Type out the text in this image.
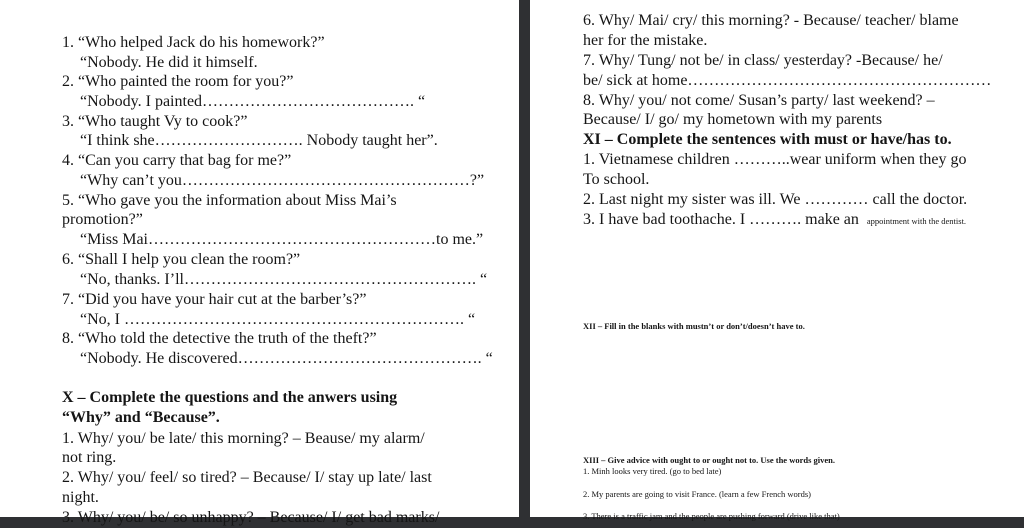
1. “Who helped Jack do his homework?”
“Nobody. He did it himself.
2. “Who painted the room for you?”
“Nobody. I painted…………………………………. “
3. “Who taught Vy to cook?”
“I think she………………………. Nobody taught her”.
4. “Can you carry that bag for me?”
“Why can’t you………………………………………………?”
5. “Who gave you the information about Miss Mai’s
promotion?”
“Miss Mai………………………………………………to me.”
6. “Shall I help you clean the room?”
“No, thanks. I’ll………………………………………………. “
7. “Did you have your hair cut at the barber’s?”
“No, I ………………………………………………………. “
8. “Who told the detective the truth of the theft?”
“Nobody. He discovered………………………………………. “
X – Complete the questions and the anwers using
“Why” and “Because”.
1. Why/ you/ be late/ this morning? – Beause/ my alarm/
not ring.
2. Why/ you/ feel/ so tired? – Because/ I/ stay up late/ last
night.
3. Why/ you/ be/ so unhappy? – Because/ I/ get bad marks/
6. Why/ Mai/ cry/ this morning? - Because/ teacher/ blame
her for the mistake.
7. Why/ Tung/ not be/ in class/ yesterday? -Because/ he/
be/ sick at home…………………………………………………
8. Why/ you/ not come/ Susan’s party/ last weekend? –
Because/ I/ go/ my hometown with my parents
XI – Complete the sentences with must or have/has to.
1. Vietnamese children ………..wear uniform when they go
To school.
2. Last night my sister was ill. We ………… call the doctor.
3. I have bad toothache. I ………. make an appointment with the dentist.
XII – Fill in the blanks with mustn’t or don’t/doesn’t have to.
XIII – Give advice with ought to or ought not to. Use the words given.
1. Minh looks very tired. (go to bed late)
2. My parents are going to visit France. (learn a few French words)
3. There is a traffic jam and the people are pushing forward (drive like that)
